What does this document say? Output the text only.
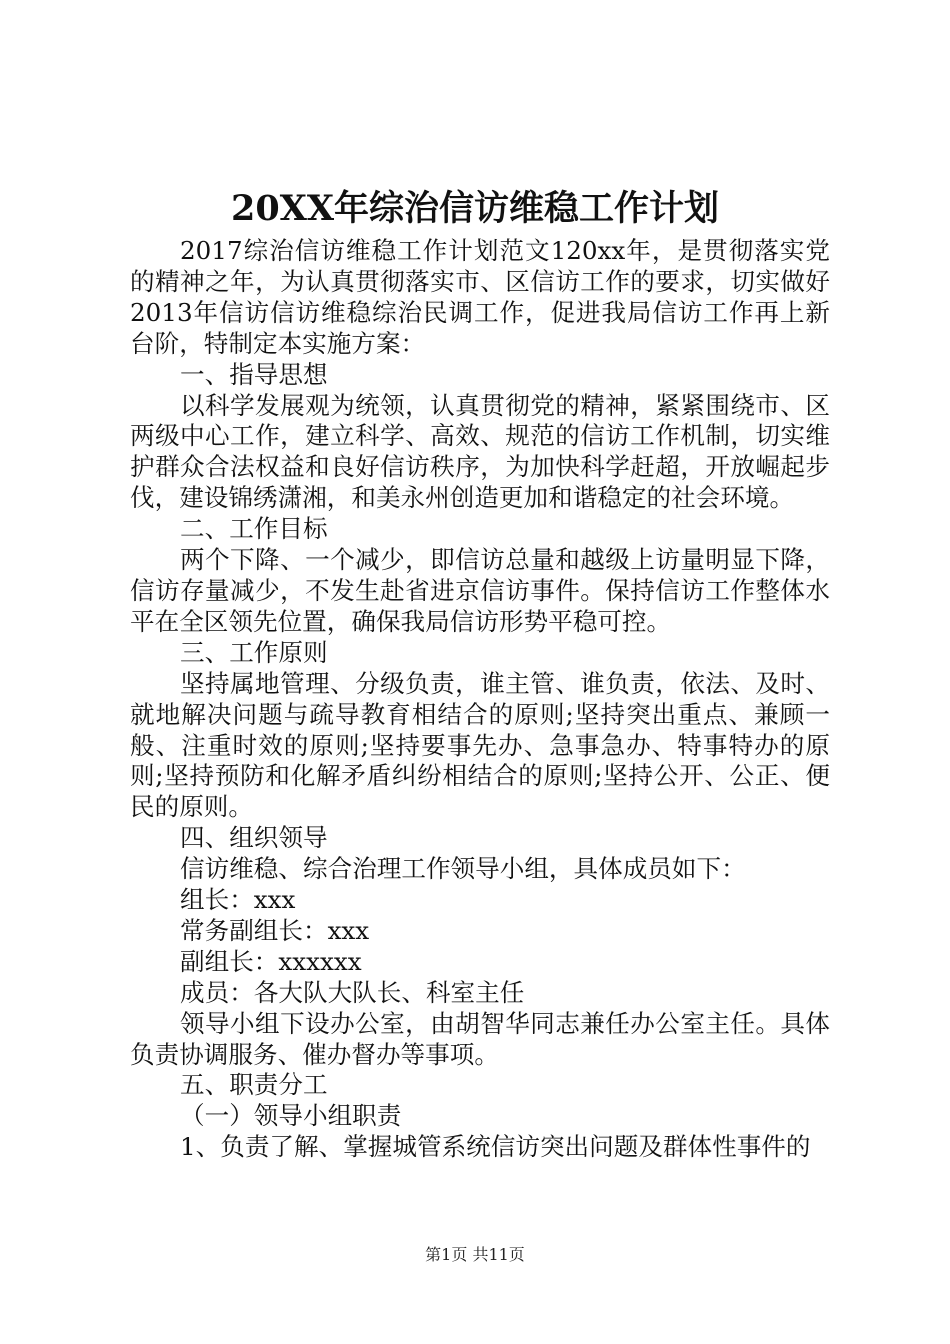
20XX年综治信访维稳工作计划

2017综治信访维稳工作计划范文120xx年，是贯彻落实党的精神之年，为认真贯彻落实市、区信访工作的要求，切实做好2013年信访信访维稳综治民调工作，促进我局信访工作再上新台阶，特制定本实施方案：

一、指导思想

以科学发展观为统领，认真贯彻党的精神，紧紧围绕市、区两级中心工作，建立科学、高效、规范的信访工作机制，切实维护群众合法权益和良好信访秩序，为加快科学赶超，开放崛起步伐，建设锦绣潇湘，和美永州创造更加和谐稳定的社会环境。

二、工作目标

两个下降、一个减少，即信访总量和越级上访量明显下降，信访存量减少，不发生赴省进京信访事件。保持信访工作整体水平在全区领先位置，确保我局信访形势平稳可控。

三、工作原则

坚持属地管理、分级负责，谁主管、谁负责，依法、及时、就地解决问题与疏导教育相结合的原则;坚持突出重点、兼顾一般、注重时效的原则;坚持要事先办、急事急办、特事特办的原则;坚持预防和化解矛盾纠纷相结合的原则;坚持公开、公正、便民的原则。

四、组织领导

信访维稳、综合治理工作领导小组，具体成员如下：

组长：xxx

常务副组长：xxx

副组长：xxxxxx

成员：各大队大队长、科室主任

领导小组下设办公室，由胡智华同志兼任办公室主任。具体负责协调服务、催办督办等事项。

五、职责分工

（一）领导小组职责

1、负责了解、掌握城管系统信访突出问题及群体性事件的

第1页 共11页
